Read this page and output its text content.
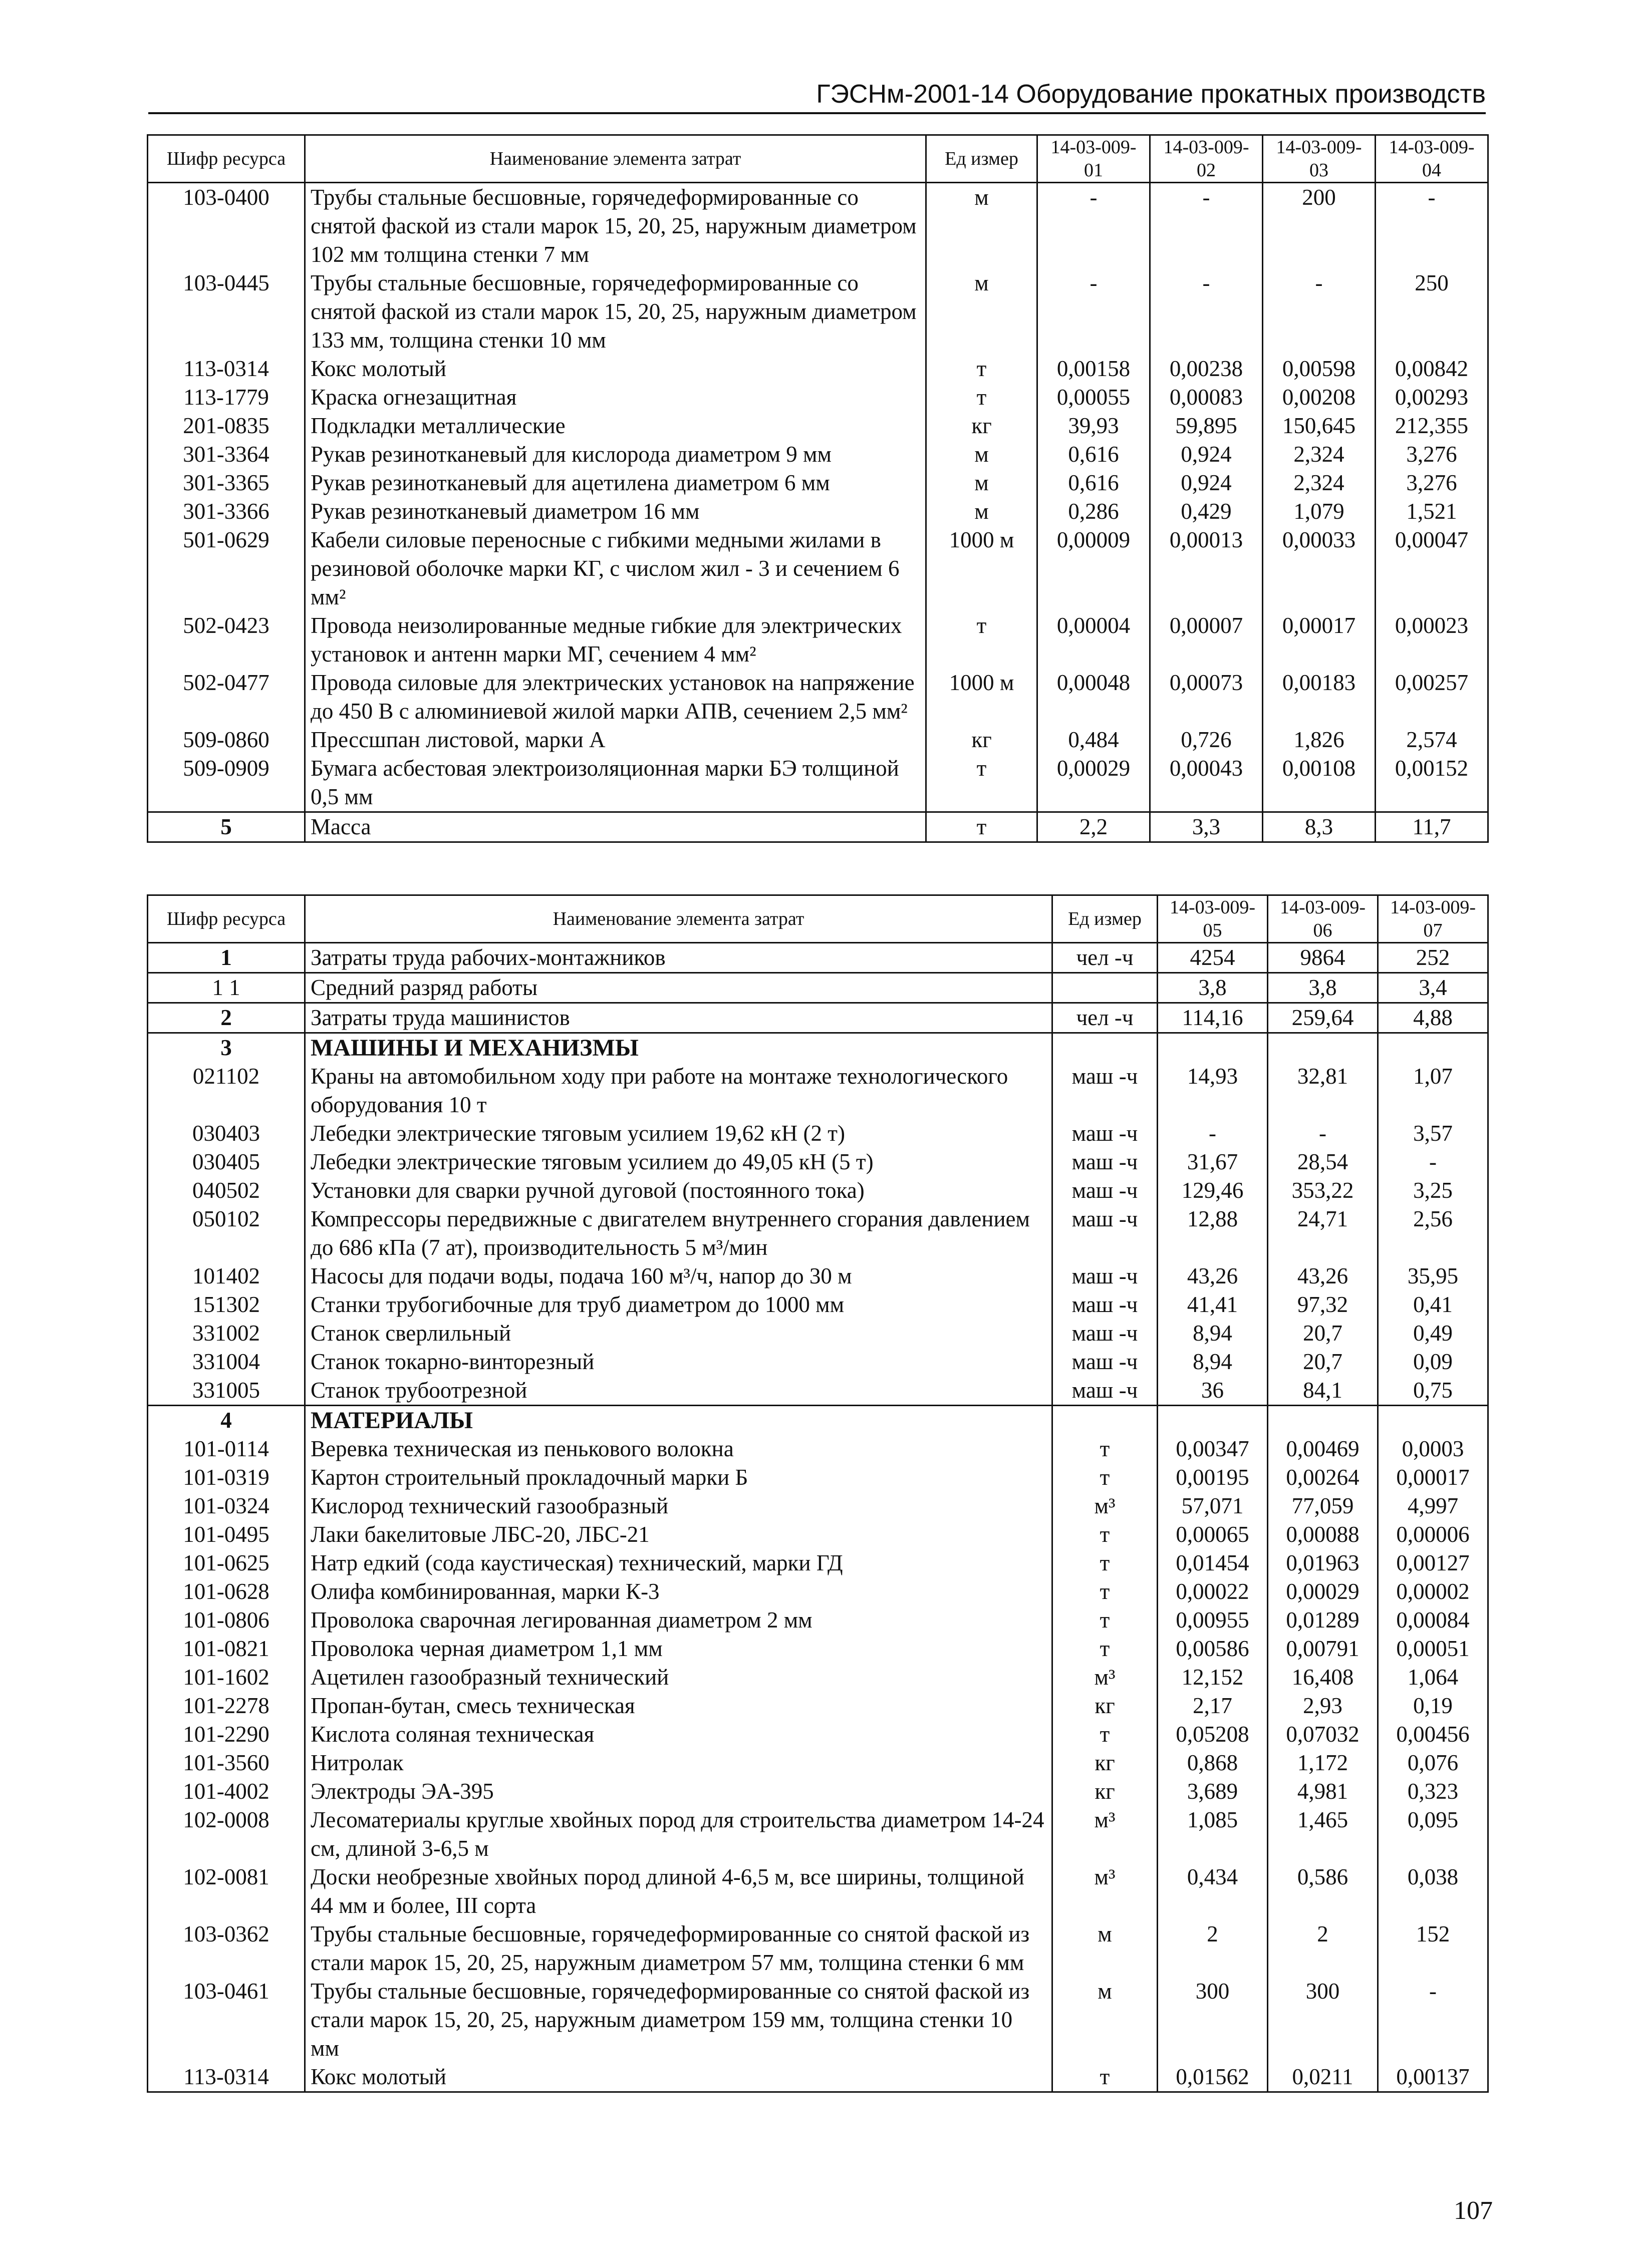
ГЭСНм-2001-14 Оборудование прокатных производств
Шифр ресурса	Наименование элемента затрат	Ед измер	14-03-009-01	14-03-009-02	14-03-009-03	14-03-009-04
103-0400	Трубы стальные бесшовные, горячедеформированные со снятой фаской из стали марок 15, 20, 25, наружным диаметром 102 мм толщина стенки 7 мм	м	-	-	200	-
103-0445	Трубы стальные бесшовные, горячедеформированные со снятой фаской из стали марок 15, 20, 25, наружным диаметром 133 мм, толщина стенки 10 мм	м	-	-	-	250
113-0314	Кокс молотый	т	0,00158	0,00238	0,00598	0,00842
113-1779	Краска огнезащитная	т	0,00055	0,00083	0,00208	0,00293
201-0835	Подкладки металлические	кг	39,93	59,895	150,645	212,355
301-3364	Рукав резинотканевый для кислорода диаметром 9 мм	м	0,616	0,924	2,324	3,276
301-3365	Рукав резинотканевый для ацетилена диаметром 6 мм	м	0,616	0,924	2,324	3,276
301-3366	Рукав резинотканевый диаметром 16 мм	м	0,286	0,429	1,079	1,521
501-0629	Кабели силовые переносные с гибкими медными жилами в резиновой оболочке марки КГ, с числом жил - 3 и сечением 6 мм²	1000 м	0,00009	0,00013	0,00033	0,00047
502-0423	Провода неизолированные медные гибкие для электрических установок и антенн марки МГ, сечением 4 мм²	т	0,00004	0,00007	0,00017	0,00023
502-0477	Провода силовые для электрических установок на напряжение до 450 В с алюминиевой жилой марки АПВ, сечением 2,5 мм²	1000 м	0,00048	0,00073	0,00183	0,00257
509-0860	Прессшпан листовой, марки А	кг	0,484	0,726	1,826	2,574
509-0909	Бумага асбестовая электроизоляционная марки БЭ толщиной 0,5 мм	т	0,00029	0,00043	0,00108	0,00152
5	Масса	т	2,2	3,3	8,3	11,7
Шифр ресурса	Наименование элемента затрат	Ед измер	14-03-009-05	14-03-009-06	14-03-009-07
1	Затраты труда рабочих-монтажников	чел -ч	4254	9864	252
1 1	Средний разряд работы		3,8	3,8	3,4
2	Затраты труда машинистов	чел -ч	114,16	259,64	4,88
3	МАШИНЫ И МЕХАНИЗМЫ				
021102	Краны на автомобильном ходу при работе на монтаже технологического оборудования 10 т	маш -ч	14,93	32,81	1,07
030403	Лебедки электрические тяговым усилием 19,62 кН (2 т)	маш -ч	-	-	3,57
030405	Лебедки электрические тяговым усилием до 49,05 кН (5 т)	маш -ч	31,67	28,54	-
040502	Установки для сварки ручной дуговой (постоянного тока)	маш -ч	129,46	353,22	3,25
050102	Компрессоры передвижные с двигателем внутреннего сгорания давлением до 686 кПа (7 ат), производительность 5 м³/мин	маш -ч	12,88	24,71	2,56
101402	Насосы для подачи воды, подача 160 м³/ч, напор до 30 м	маш -ч	43,26	43,26	35,95
151302	Станки трубогибочные для труб диаметром до 1000 мм	маш -ч	41,41	97,32	0,41
331002	Станок сверлильный	маш -ч	8,94	20,7	0,49
331004	Станок токарно-винторезный	маш -ч	8,94	20,7	0,09
331005	Станок трубоотрезной	маш -ч	36	84,1	0,75
4	МАТЕРИАЛЫ				
101-0114	Веревка техническая из пенькового волокна	т	0,00347	0,00469	0,0003
101-0319	Картон строительный прокладочный марки Б	т	0,00195	0,00264	0,00017
101-0324	Кислород технический газообразный	м³	57,071	77,059	4,997
101-0495	Лаки бакелитовые ЛБС-20, ЛБС-21	т	0,00065	0,00088	0,00006
101-0625	Натр едкий (сода каустическая) технический, марки ГД	т	0,01454	0,01963	0,00127
101-0628	Олифа комбинированная, марки К-3	т	0,00022	0,00029	0,00002
101-0806	Проволока сварочная легированная диаметром 2 мм	т	0,00955	0,01289	0,00084
101-0821	Проволока черная диаметром 1,1 мм	т	0,00586	0,00791	0,00051
101-1602	Ацетилен газообразный технический	м³	12,152	16,408	1,064
101-2278	Пропан-бутан, смесь техническая	кг	2,17	2,93	0,19
101-2290	Кислота соляная техническая	т	0,05208	0,07032	0,00456
101-3560	Нитролак	кг	0,868	1,172	0,076
101-4002	Электроды ЭА-395	кг	3,689	4,981	0,323
102-0008	Лесоматериалы круглые хвойных пород для строительства диаметром 14-24 см, длиной 3-6,5 м	м³	1,085	1,465	0,095
102-0081	Доски необрезные хвойных пород длиной 4-6,5 м, все ширины, толщиной 44 мм и более, III сорта	м³	0,434	0,586	0,038
103-0362	Трубы стальные бесшовные, горячедеформированные со снятой фаской из стали марок 15, 20, 25, наружным диаметром 57 мм, толщина стенки 6 мм	м	2	2	152
103-0461	Трубы стальные бесшовные, горячедеформированные со снятой фаской из стали марок 15, 20, 25, наружным диаметром 159 мм, толщина стенки 10 мм	м	300	300	-
113-0314	Кокс молотый	т	0,01562	0,0211	0,00137
107
